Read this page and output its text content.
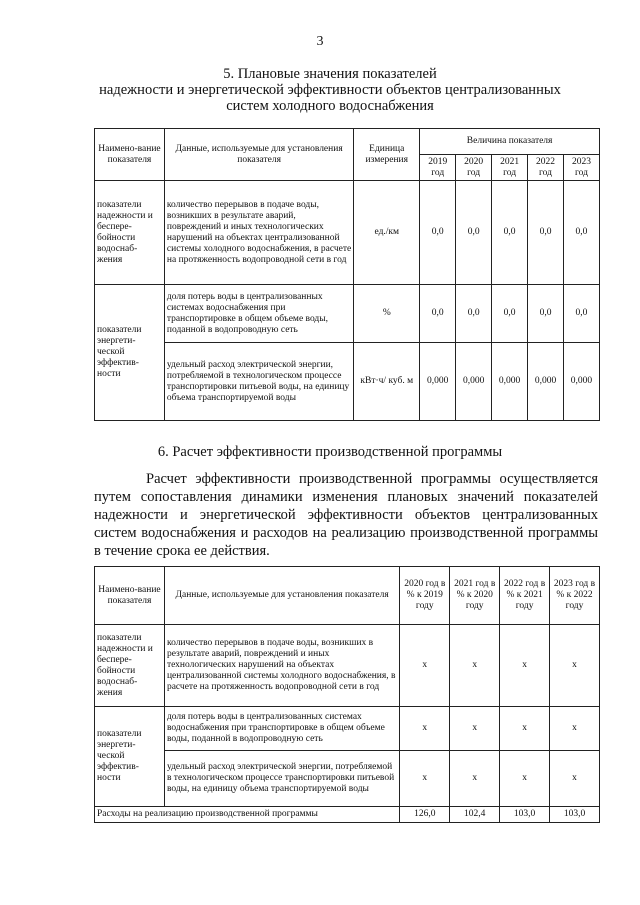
3
5. Плановые значения показателей
надежности и энергетической эффективности объектов централизованных
систем холодного водоснабжения
Наимено-вание показателя	Данные, используемые для установления показателя	Единица измерения	Величина показателя				
			2019 год	2020 год	2021 год	2022 год	2023 год
показатели надежности и беспере-бойности водоснаб-жения	количество перерывов в подаче воды, возникших в результате аварий, повреждений и иных технологических нарушений на объектах централизованной системы холодного водоснабжения, в расчете на протяженность водопроводной сети в год	ед./км	0,0	0,0	0,0	0,0	0,0
показатели энергети-ческой эффектив-ности	доля потерь воды в централизованных системах водоснабжения при транспортировке в общем объеме воды, поданной в водопроводную сеть	%	0,0	0,0	0,0	0,0	0,0
	удельный расход электрической энергии, потребляемой в технологическом процессе транспортировки питьевой воды, на единицу объема транспортируемой воды	кВт·ч/ куб. м	0,000	0,000	0,000	0,000	0,000
6. Расчет эффективности производственной программы

Расчет эффективности производственной программы осуществляется путем сопоставления динамики изменения плановых значений показателей надежности и энергетической эффективности объектов централизованных систем водоснабжения и расходов на реализацию производственной программы в течение срока ее действия.

Наимено-вание показателя	Данные, используемые для установления показателя	2020 год в % к 2019 году	2021 год в % к 2020 году	2022 год в % к 2021 году	2023 год в % к 2022 году
показатели надежности и беспере-бойности водоснаб-жения	количество перерывов в подаче воды, возникших в результате аварий, повреждений и иных технологических нарушений на объектах централизованной системы холодного водоснабжения, в расчете на протяженность водопроводной сети в год	x	x	x	x
показатели энергети-ческой эффектив-ности	доля потерь воды в централизованных системах водоснабжения при транспортировке в общем объеме воды, поданной в водопроводную сеть	x	x	x	x
	удельный расход электрической энергии, потребляемой в технологическом процессе транспортировки питьевой воды, на единицу объема транспортируемой воды	x	x	x	x
Расходы на реализацию производственной программы		126,0	102,4	103,0	103,0
